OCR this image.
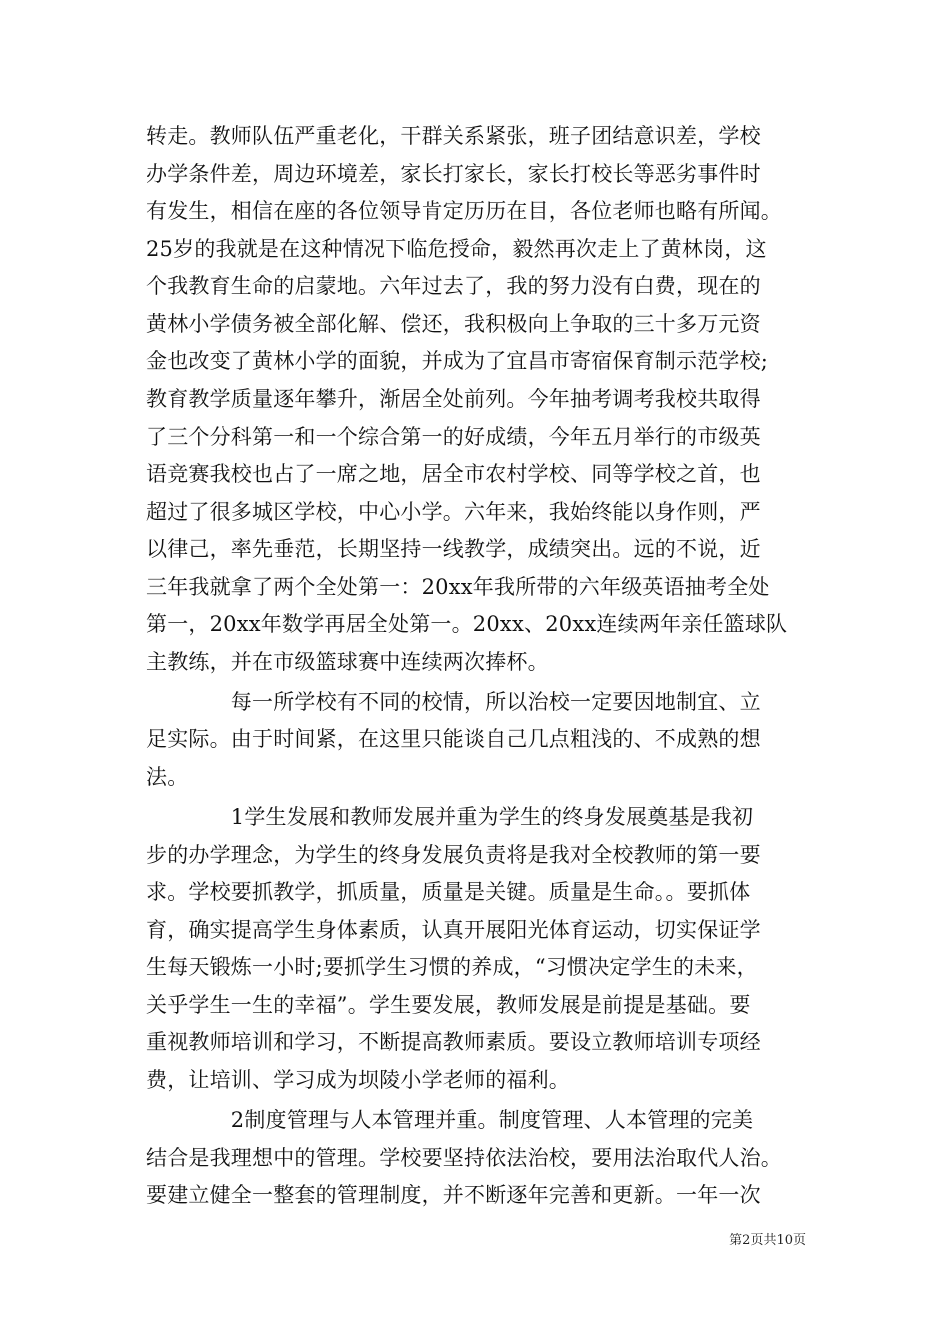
转走。教师队伍严重老化，干群关系紧张，班子团结意识差，学校
办学条件差，周边环境差，家长打家长，家长打校长等恶劣事件时
有发生，相信在座的各位领导肯定历历在目，各位老师也略有所闻。
25岁的我就是在这种情况下临危授命，毅然再次走上了黄林岗，这
个我教育生命的启蒙地。六年过去了，我的努力没有白费，现在的
黄林小学债务被全部化解、偿还，我积极向上争取的三十多万元资
金也改变了黄林小学的面貌，并成为了宜昌市寄宿保育制示范学校;
教育教学质量逐年攀升，渐居全处前列。今年抽考调考我校共取得
了三个分科第一和一个综合第一的好成绩，今年五月举行的市级英
语竞赛我校也占了一席之地，居全市农村学校、同等学校之首，也
超过了很多城区学校，中心小学。六年来，我始终能以身作则，严
以律己，率先垂范，长期坚持一线教学，成绩突出。远的不说，近
三年我就拿了两个全处第一：20xx年我所带的六年级英语抽考全处
第一，20xx年数学再居全处第一。20xx、20xx连续两年亲任篮球队
主教练，并在市级篮球赛中连续两次捧杯。
　　　　每一所学校有不同的校情，所以治校一定要因地制宜、立
足实际。由于时间紧，在这里只能谈自己几点粗浅的、不成熟的想
法。
　　　　1学生发展和教师发展并重为学生的终身发展奠基是我初
步的办学理念，为学生的终身发展负责将是我对全校教师的第一要
求。学校要抓教学，抓质量，质量是关键。质量是生命。。要抓体
育，确实提高学生身体素质，认真开展阳光体育运动，切实保证学
生每天锻炼一小时;要抓学生习惯的养成，“习惯决定学生的未来，
关乎学生一生的幸福”。学生要发展，教师发展是前提是基础。要
重视教师培训和学习，不断提高教师素质。要设立教师培训专项经
费，让培训、学习成为坝陵小学老师的福利。
　　　　2制度管理与人本管理并重。制度管理、人本管理的完美
结合是我理想中的管理。学校要坚持依法治校，要用法治取代人治。
要建立健全一整套的管理制度，并不断逐年完善和更新。一年一次
第2页共10页
